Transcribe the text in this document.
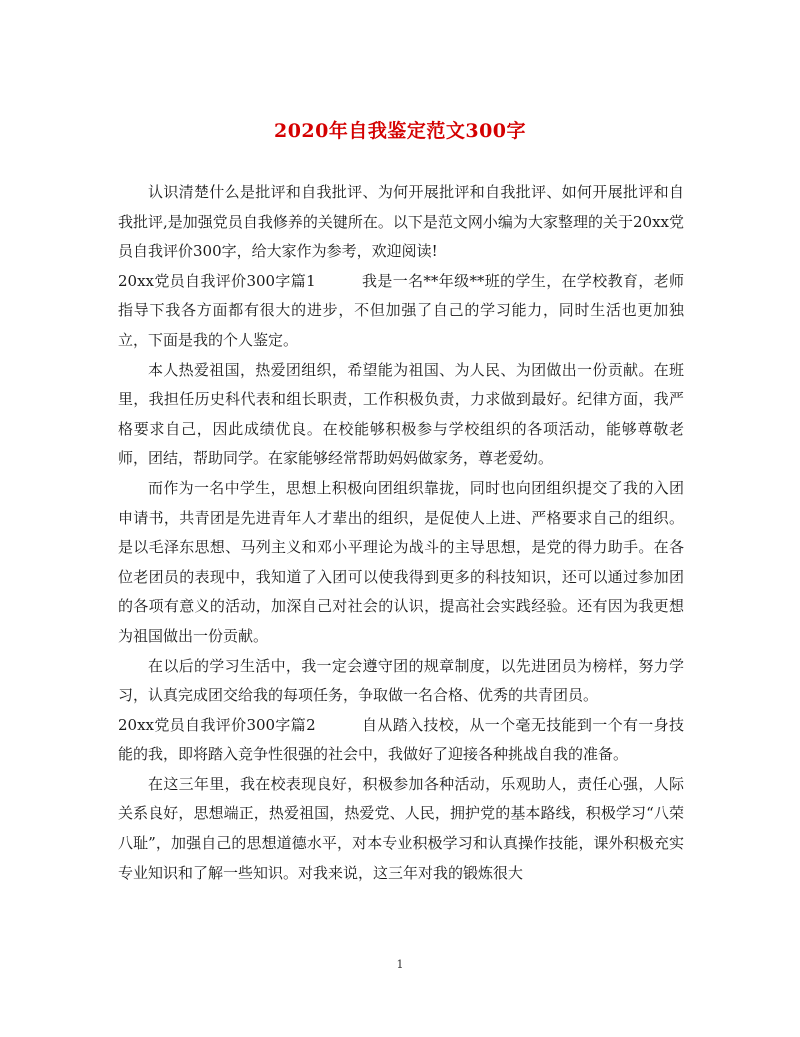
2020年自我鉴定范文300字

认识清楚什么是批评和自我批评、为何开展批评和自我批评、如何开展批评和自我批评,是加强党员自我修养的关键所在。以下是范文网小编为大家整理的关于20xx党员自我评价300字，给大家作为参考，欢迎阅读!

20xx党员自我评价300字篇1	我是一名**年级**班的学生，在学校教育，老师指导下我各方面都有很大的进步，不但加强了自己的学习能力，同时生活也更加独立，下面是我的个人鉴定。

本人热爱祖国，热爱团组织，希望能为祖国、为人民、为团做出一份贡献。在班里，我担任历史科代表和组长职责，工作积极负责，力求做到最好。纪律方面，我严格要求自己，因此成绩优良。在校能够积极参与学校组织的各项活动，能够尊敬老师，团结，帮助同学。在家能够经常帮助妈妈做家务，尊老爱幼。

而作为一名中学生，思想上积极向团组织靠拢，同时也向团组织提交了我的入团申请书，共青团是先进青年人才辈出的组织，是促使人上进、严格要求自己的组织。是以毛泽东思想、马列主义和邓小平理论为战斗的主导思想，是党的得力助手。在各位老团员的表现中，我知道了入团可以使我得到更多的科技知识，还可以通过参加团的各项有意义的活动，加深自己对社会的认识，提高社会实践经验。还有因为我更想为祖国做出一份贡献。

在以后的学习生活中，我一定会遵守团的规章制度，以先进团员为榜样，努力学习，认真完成团交给我的每项任务，争取做一名合格、优秀的共青团员。

20xx党员自我评价300字篇2	自从踏入技校，从一个毫无技能到一个有一身技能的我，即将踏入竞争性很强的社会中，我做好了迎接各种挑战自我的准备。

在这三年里，我在校表现良好，积极参加各种活动，乐观助人，责任心强，人际关系良好，思想端正，热爱祖国，热爱党、人民，拥护党的基本路线，积极学习“八荣八耻”，加强自己的思想道德水平，对本专业积极学习和认真操作技能，课外积极充实专业知识和了解一些知识。对我来说，这三年对我的锻炼很大

1
